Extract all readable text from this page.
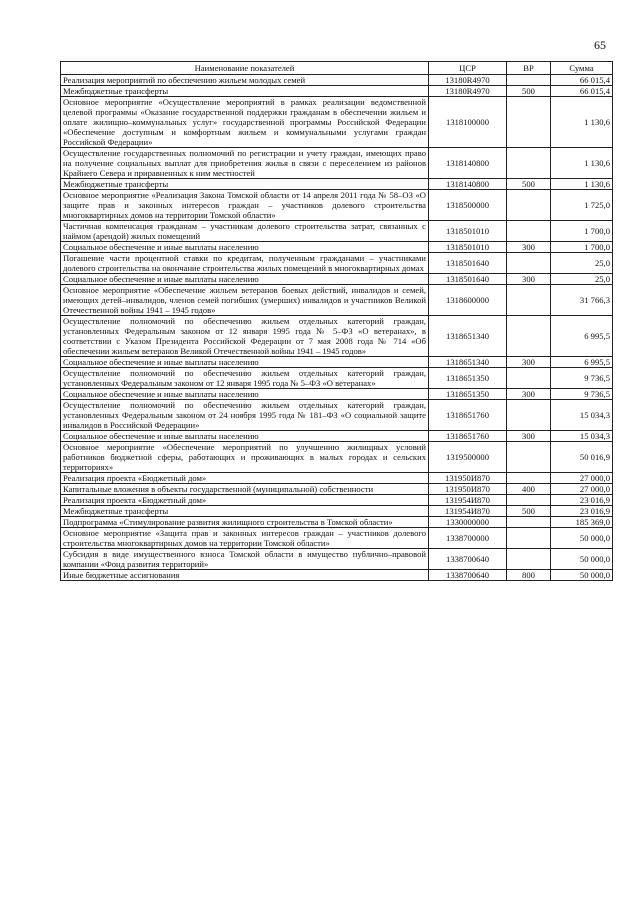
65
Наименование показателей	ЦСР	ВР	Сумма
Реализация мероприятий по обеспечению жильем молодых семей	13180R4970		66 015,4
Межбюджетные трансферты	13180R4970	500	66 015,4
Основное мероприятие «Осуществление мероприятий в рамках реализации ведомственной целевой программы «Оказание государственной поддержки гражданам в обеспечении жильем и оплате жилищно–коммунальных услуг» государственной программы Российской Федерации «Обеспечение доступным и комфортным жильем и коммунальными услугами граждан Российской Федерации»	1318100000		1 130,6
Осуществление государственных полномочий по регистрации и учету граждан, имеющих право на получение социальных выплат для приобретения жилья в связи с переселением из районов Крайнего Севера и приравненных к ним местностей	1318140800		1 130,6
Межбюджетные трансферты	1318140800	500	1 130,6
Основное мероприятие «Реализация Закона Томской области от 14 апреля 2011 года № 58–ОЗ «О защите прав и законных интересов граждан – участников долевого строительства многоквартирных домов на территории Томской области»	1318500000		1 725,0
Частичная компенсация гражданам – участникам долевого строительства затрат, связанных с наймом (арендой) жилых помещений	1318501010		1 700,0
Социальное обеспечение и иные выплаты населению	1318501010	300	1 700,0
Погашение части процентной ставки по кредитам, полученным гражданами – участниками долевого строительства на окончание строительства жилых помещений в многоквартирных домах	1318501640		25,0
Социальное обеспечение и иные выплаты населению	1318501640	300	25,0
Основное мероприятие «Обеспечение жильем ветеранов боевых действий, инвалидов и семей, имеющих детей–инвалидов, членов семей погибших (умерших) инвалидов и участников Великой Отечественной войны 1941 – 1945 годов»	1318600000		31 766,3
Осуществление полномочий по обеспечению жильем отдельных категорий граждан, установленных Федеральным законом от 12 января 1995 года № 5–ФЗ «О ветеранах», в соответствии с Указом Президента Российской Федерации от 7 мая 2008 года № 714 «Об обеспечении жильем ветеранов Великой Отечественной войны 1941 – 1945 годов»	1318651340		6 995,5
Социальное обеспечение и иные выплаты населению	1318651340	300	6 995,5
Осуществление полномочий по обеспечению жильем отдельных категорий граждан, установленных Федеральным законом от 12 января 1995 года № 5–ФЗ «О ветеранах»	1318651350		9 736,5
Социальное обеспечение и иные выплаты населению	1318651350	300	9 736,5
Осуществление полномочий по обеспечению жильем отдельных категорий граждан, установленных Федеральным законом от 24 ноября 1995 года № 181–ФЗ «О социальной защите инвалидов в Российской Федерации»	1318651760		15 034,3
Социальное обеспечение и иные выплаты населению	1318651760	300	15 034,3
Основное мероприятие «Обеспечение мероприятий по улучшению жилищных условий работников бюджетной сферы, работающих и проживающих в малых городах и сельских территориях»	1319500000		50 016,9
Реализация проекта «Бюджетный дом»	131950И870		27 000,0
Капитальные вложения в объекты государственной (муниципальной) собственности	131950И870	400	27 000,0
Реализация проекта «Бюджетный дом»	131954И870		23 016,9
Межбюджетные трансферты	131954И870	500	23 016,9
Подпрограмма «Стимулирование развития жилищного строительства в Томской области»	1330000000		185 369,0
Основное мероприятие «Защита прав и законных интересов граждан – участников долевого строительства многоквартирных домов на территории Томской области»	1338700000		50 000,0
Субсидия в виде имущественного взноса Томской области в имущество публично–правовой компании «Фонд развития территорий»	1338700640		50 000,0
Иные бюджетные ассигнования	1338700640	800	50 000,0
